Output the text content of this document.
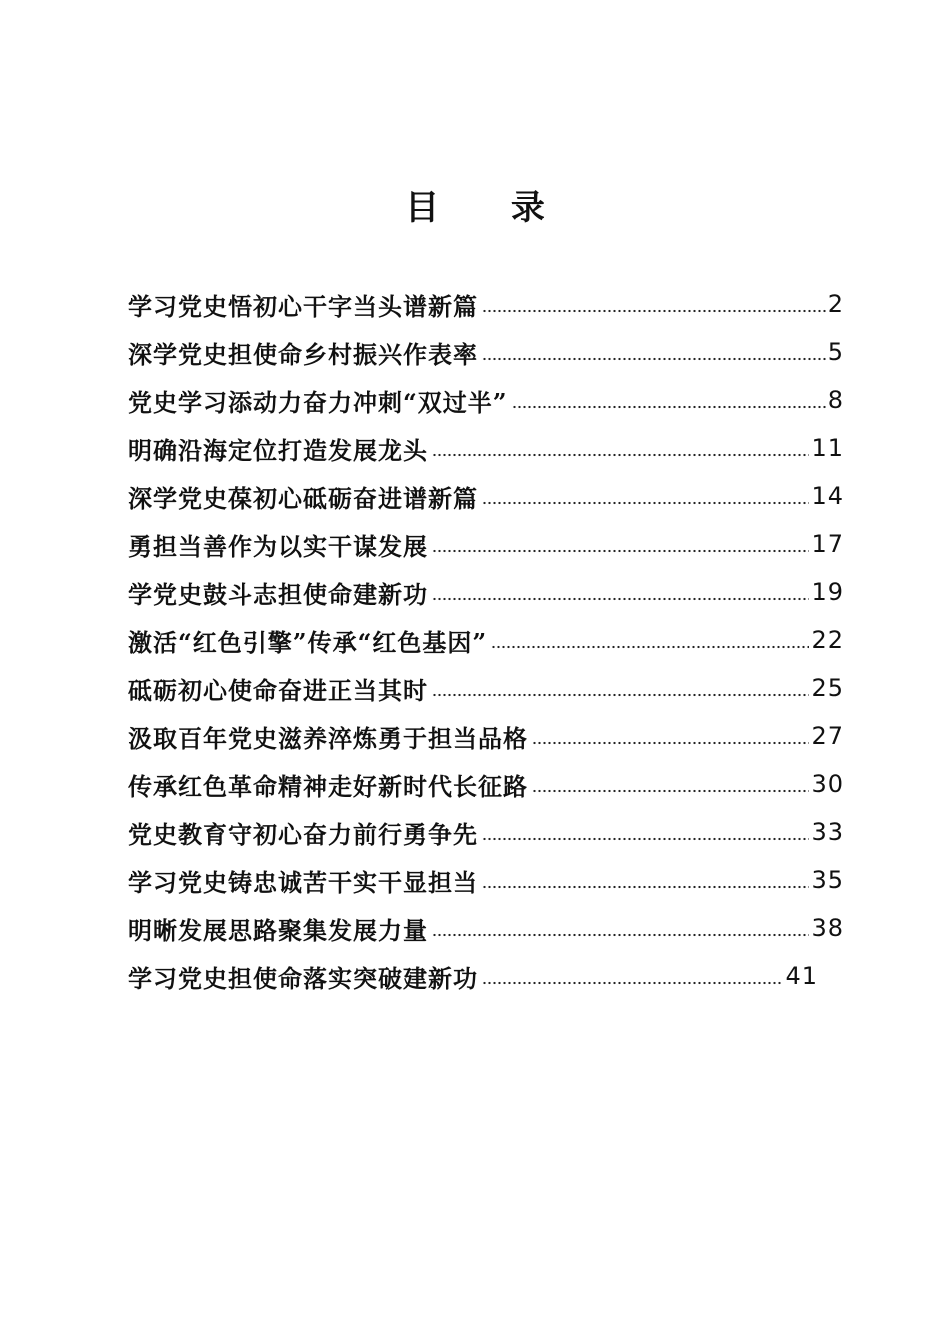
目 录
学习党史悟初心干字当头谱新篇	2
深学党史担使命乡村振兴作表率	5
党史学习添动力奋力冲刺“双过半”	8
明确沿海定位打造发展龙头	11
深学党史葆初心砥砺奋进谱新篇	14
勇担当善作为以实干谋发展	17
学党史鼓斗志担使命建新功	19
激活“红色引擎”传承“红色基因”	22
砥砺初心使命奋进正当其时	25
汲取百年党史滋养淬炼勇于担当品格	27
传承红色革命精神走好新时代长征路	30
党史教育守初心奋力前行勇争先	33
学习党史铸忠诚苦干实干显担当	35
明晰发展思路聚集发展力量	38
学习党史担使命落实突破建新功	41
